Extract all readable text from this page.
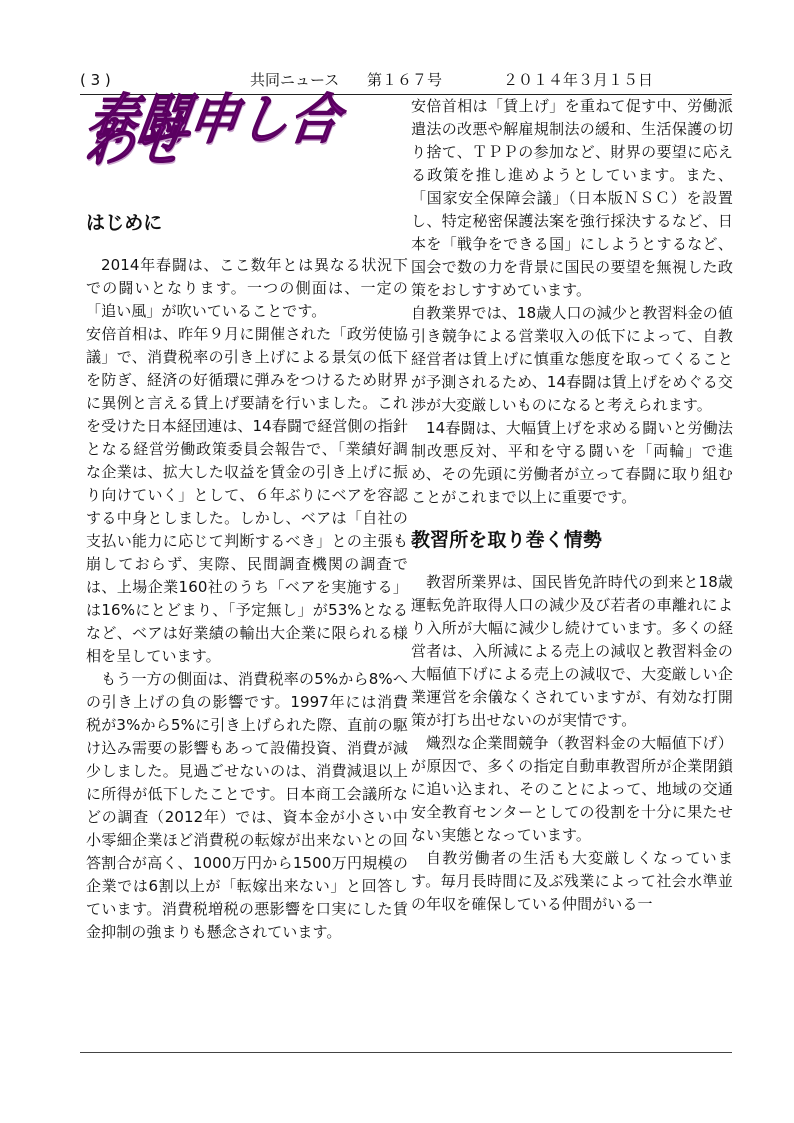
( 3 )	共同ニュース 第１６７号	２０１４年３月１５日
春闘申し合わせ
はじめに

2014年春闘は、ここ数年とは異なる状況下での闘いとなります。一つの側面は、一定の「追い風」が吹いていることです。

安倍首相は、昨年９月に開催された「政労使協議」で、消費税率の引き上げによる景気の低下を防ぎ、経済の好循環に弾みをつけるため財界に異例と言える賃上げ要請を行いました。これを受けた日本経団連は、14春闘で経営側の指針となる経営労働政策委員会報告で、「業績好調な企業は、拡大した収益を賃金の引き上げに振り向けていく」として、６年ぶりにベアを容認する中身としました。しかし、ベアは「自社の支払い能力に応じて判断するべき」との主張も崩しておらず、実際、民間調査機関の調査では、上場企業160社のうち「ベアを実施する」は16%にとどまり、「予定無し」が53%となるなど、ベアは好業績の輸出大企業に限られる様相を呈しています。

もう一方の側面は、消費税率の5%から8%への引き上げの負の影響です。1997年には消費税が3%から5%に引き上げられた際、直前の駆け込み需要の影響もあって設備投資、消費が減少しました。見過ごせないのは、消費減退以上に所得が低下したことです。日本商工会議所などの調査（2012年）では、資本金が小さい中小零細企業ほど消費税の転嫁が出来ないとの回答割合が高く、1000万円から1500万円規模の企業では6割以上が「転嫁出来ない」と回答しています。消費税増税の悪影響を口実にした賃金抑制の強まりも懸念されています。

安倍首相は「賃上げ」を重ねて促す中、労働派遣法の改悪や解雇規制法の緩和、生活保護の切り捨て、ＴＰＰの参加など、財界の要望に応える政策を推し進めようとしています。また、「国家安全保障会議」（日本版ＮＳＣ）を設置し、特定秘密保護法案を強行採決するなど、日本を「戦争をできる国」にしようとするなど、国会で数の力を背景に国民の要望を無視した政策をおしすすめています。

自教業界では、18歳人口の減少と教習料金の値引き競争による営業収入の低下によって、自教経営者は賃上げに慎重な態度を取ってくることが予測されるため、14春闘は賃上げをめぐる交渉が大変厳しいものになると考えられます。

14春闘は、大幅賃上げを求める闘いと労働法制改悪反対、平和を守る闘いを「両輪」で進め、その先頭に労働者が立って春闘に取り組むことがこれまで以上に重要です。

教習所を取り巻く情勢

教習所業界は、国民皆免許時代の到来と18歳運転免許取得人口の減少及び若者の車離れにより入所が大幅に減少し続けています。多くの経営者は、入所減による売上の減収と教習料金の大幅値下げによる売上の減収で、大変厳しい企業運営を余儀なくされていますが、有効な打開策が打ち出せないのが実情です。

熾烈な企業間競争（教習料金の大幅値下げ）が原因で、多くの指定自動車教習所が企業閉鎖に追い込まれ、そのことによって、地域の交通安全教育センターとしての役割を十分に果たせない実態となっています。

自教労働者の生活も大変厳しくなっています。毎月長時間に及ぶ残業によって社会水準並の年収を確保している仲間がいる一
